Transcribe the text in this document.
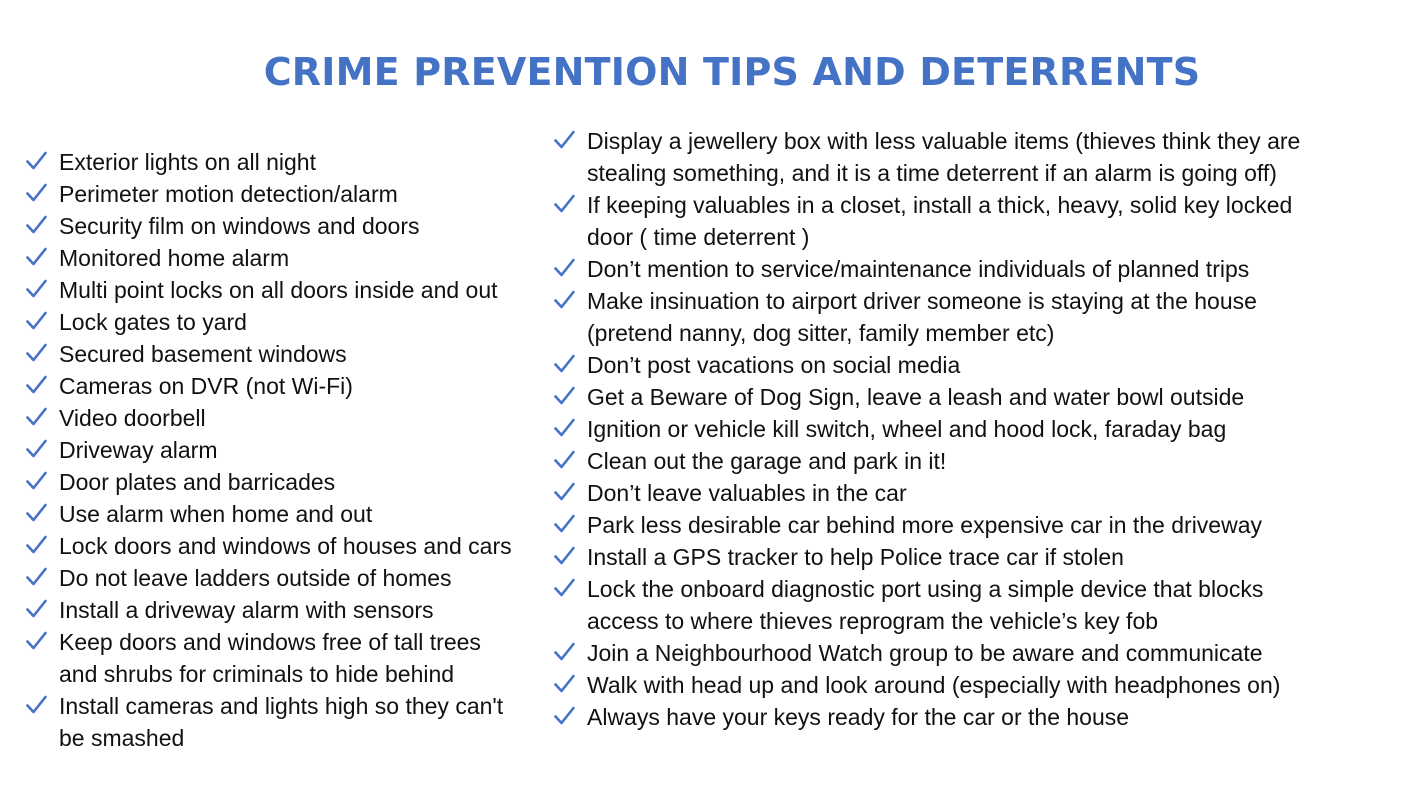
CRIME PREVENTION TIPS AND DETERRENTS
Exterior lights on all night
Perimeter motion detection/alarm
Security film on windows and doors
Monitored home alarm
Multi point locks on all doors inside and out
Lock gates to yard
Secured basement windows
Cameras on DVR (not Wi-Fi)
Video doorbell
Driveway alarm
Door plates and barricades
Use alarm when home and out
Lock doors and windows of houses and cars
Do not leave ladders outside of homes
Install a driveway alarm with sensors
Keep doors and windows free of tall trees
and shrubs for criminals to hide behind
Install cameras and lights high so they can't
be smashed
Display a jewellery box with less valuable items (thieves think they are
stealing something, and it is a time deterrent if an alarm is going off)
If keeping valuables in a closet, install a thick, heavy, solid key locked
door ( time deterrent )
Don’t mention to service/maintenance individuals of planned trips
Make insinuation to airport driver someone is staying at the house
(pretend nanny, dog sitter, family member etc)
Don’t post vacations on social media
Get a Beware of Dog Sign, leave a leash and water bowl outside
Ignition or vehicle kill switch, wheel and hood lock, faraday bag
Clean out the garage and park in it!
Don’t leave valuables in the car
Park less desirable car behind more expensive car in the driveway
Install a GPS tracker to help Police trace car if stolen
Lock the onboard diagnostic port using a simple device that blocks
access to where thieves reprogram the vehicle’s key fob
Join a Neighbourhood Watch group to be aware and communicate
Walk with head up and look around (especially with headphones on)
Always have your keys ready for the car or the house
